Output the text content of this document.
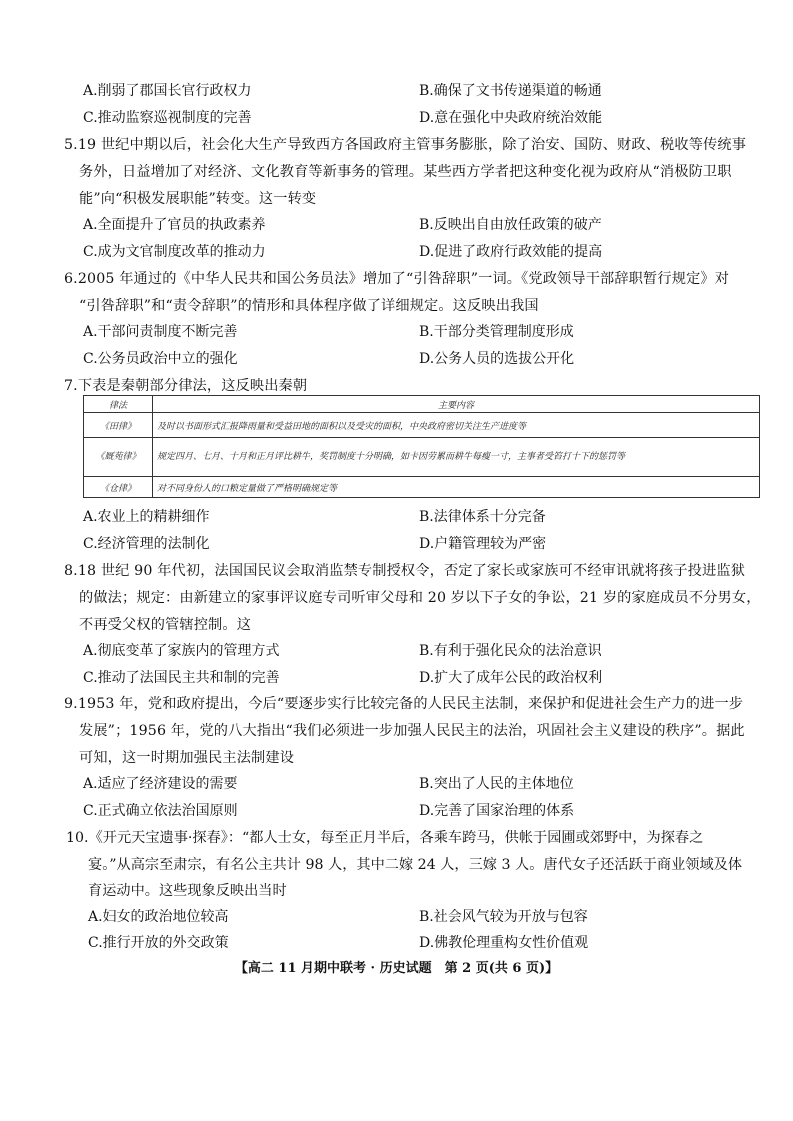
A.削弱了郡国长官行政权力	B.确保了文书传递渠道的畅通
C.推动监察巡视制度的完善	D.意在强化中央政府统治效能
5.19 世纪中期以后，社会化大生产导致西方各国政府主管事务膨胀，除了治安、国防、财政、税收等传统事
务外，日益增加了对经济、文化教育等新事务的管理。某些西方学者把这种变化视为政府从“消极防卫职
能”向“积极发展职能”转变。这一转变
A.全面提升了官员的执政素养	B.反映出自由放任政策的破产
C.成为文官制度改革的推动力	D.促进了政府行政效能的提高
6.2005 年通过的《中华人民共和国公务员法》增加了“引咎辞职”一词。《党政领导干部辞职暂行规定》对
“引咎辞职”和“责令辞职”的情形和具体程序做了详细规定。这反映出我国
A.干部问责制度不断完善	B.干部分类管理制度形成
C.公务员政治中立的强化	D.公务人员的选拔公开化
7.下表是秦朝部分律法，这反映出秦朝
律法	主要内容
《田律》	及时以书面形式汇报降雨量和受益田地的面积以及受灾的面积，中央政府密切关注生产进度等
《厩苑律》	规定四月、七月、十月和正月评比耕牛，奖罚制度十分明确，如卡因劳累而耕牛每瘦一寸，主事者受笞打十下的惩罚等
《仓律》	对不同身份人的口粮定量做了严格明确规定等
A.农业上的精耕细作	B.法律体系十分完备
C.经济管理的法制化	D.户籍管理较为严密
8.18 世纪 90 年代初，法国国民议会取消监禁专制授权令，否定了家长或家族可不经审讯就将孩子投进监狱
的做法；规定：由新建立的家事评议庭专司听审父母和 20 岁以下子女的争讼，21 岁的家庭成员不分男女，
不再受父权的管辖控制。这
A.彻底变革了家族内的管理方式	B.有利于强化民众的法治意识
C.推动了法国民主共和制的完善	D.扩大了成年公民的政治权利
9.1953 年，党和政府提出，今后“要逐步实行比较完备的人民民主法制，来保护和促进社会生产力的进一步
发展”；1956 年，党的八大指出“我们必须进一步加强人民民主的法治，巩固社会主义建设的秩序”。据此
可知，这一时期加强民主法制建设
A.适应了经济建设的需要	B.突出了人民的主体地位
C.正式确立依法治国原则	D.完善了国家治理的体系
10.《开元天宝遗事·探春》：“都人士女，每至正月半后，各乘车跨马，供帐于园圃或郊野中，为探春之
宴。”从高宗至肃宗，有名公主共计 98 人，其中二嫁 24 人，三嫁 3 人。唐代女子还活跃于商业领域及体
育运动中。这些现象反映出当时
A.妇女的政治地位较高	B.社会风气较为开放与包容
C.推行开放的外交政策	D.佛教伦理重构女性价值观
【高二 11 月期中联考 · 历史试题　第 2 页(共 6 页)】
